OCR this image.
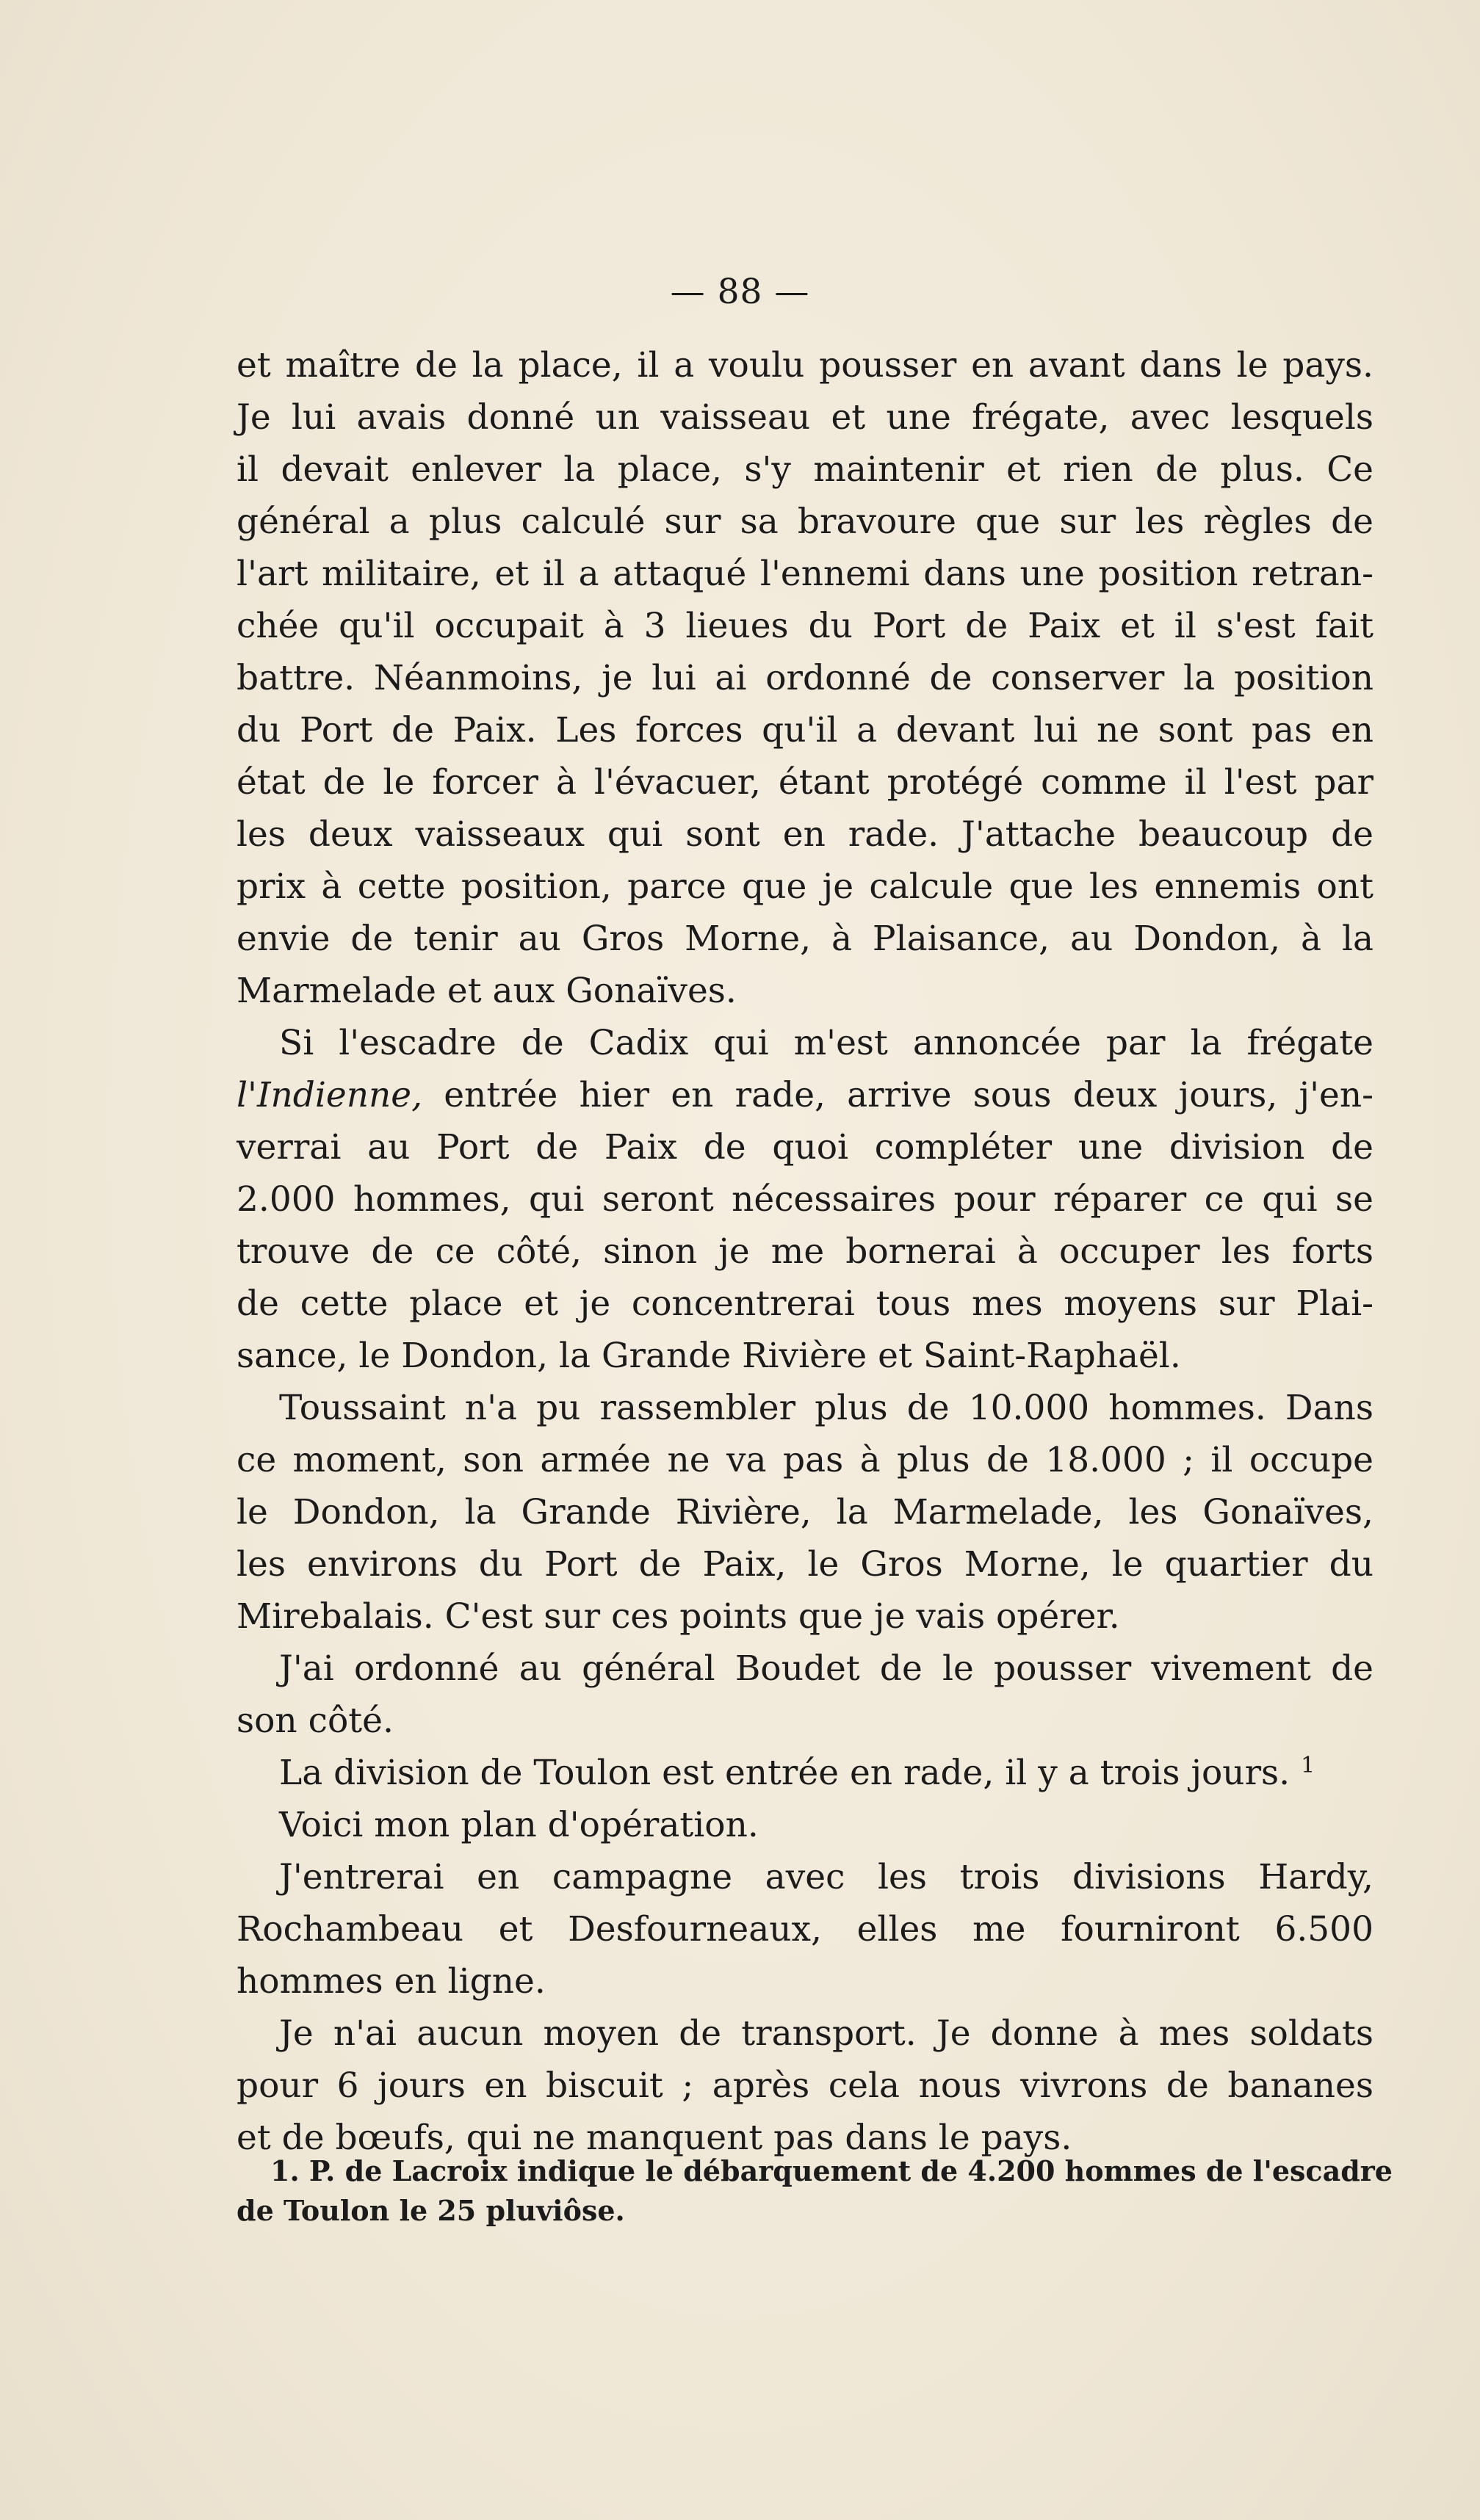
— 88 —
et maître de la place, il a voulu pousser en avant dans le pays.
Je lui avais donné un vaisseau et une frégate, avec lesquels
il devait enlever la place, s'y maintenir et rien de plus. Ce
général a plus calculé sur sa bravoure que sur les règles de
l'art militaire, et il a attaqué l'ennemi dans une position retran-
chée qu'il occupait à 3 lieues du Port de Paix et il s'est fait
battre. Néanmoins, je lui ai ordonné de conserver la position
du Port de Paix. Les forces qu'il a devant lui ne sont pas en
état de le forcer à l'évacuer, étant protégé comme il l'est par
les deux vaisseaux qui sont en rade. J'attache beaucoup de
prix à cette position, parce que je calcule que les ennemis ont
envie de tenir au Gros Morne, à Plaisance, au Dondon, à la
Marmelade et aux Gonaïves.
Si l'escadre de Cadix qui m'est annoncée par la frégate
l'Indienne, entrée hier en rade, arrive sous deux jours, j'en-
verrai au Port de Paix de quoi compléter une division de
2.000 hommes, qui seront nécessaires pour réparer ce qui se
trouve de ce côté, sinon je me bornerai à occuper les forts
de cette place et je concentrerai tous mes moyens sur Plai-
sance, le Dondon, la Grande Rivière et Saint-Raphaël.
Toussaint n'a pu rassembler plus de 10.000 hommes. Dans
ce moment, son armée ne va pas à plus de 18.000 ; il occupe
le Dondon, la Grande Rivière, la Marmelade, les Gonaïves,
les environs du Port de Paix, le Gros Morne, le quartier du
Mirebalais. C'est sur ces points que je vais opérer.
J'ai ordonné au général Boudet de le pousser vivement de
son côté.
La division de Toulon est entrée en rade, il y a trois jours. $^1$
Voici mon plan d'opération.
J'entrerai en campagne avec les trois divisions Hardy,
Rochambeau et Desfourneaux, elles me fourniront 6.500
hommes en ligne.
Je n'ai aucun moyen de transport. Je donne à mes soldats
pour 6 jours en biscuit ; après cela nous vivrons de bananes
et de bœufs, qui ne manquent pas dans le pays.
1. P. de Lacroix indique le débarquement de 4.200 hommes de l'escadre
de Toulon le 25 pluviôse.
